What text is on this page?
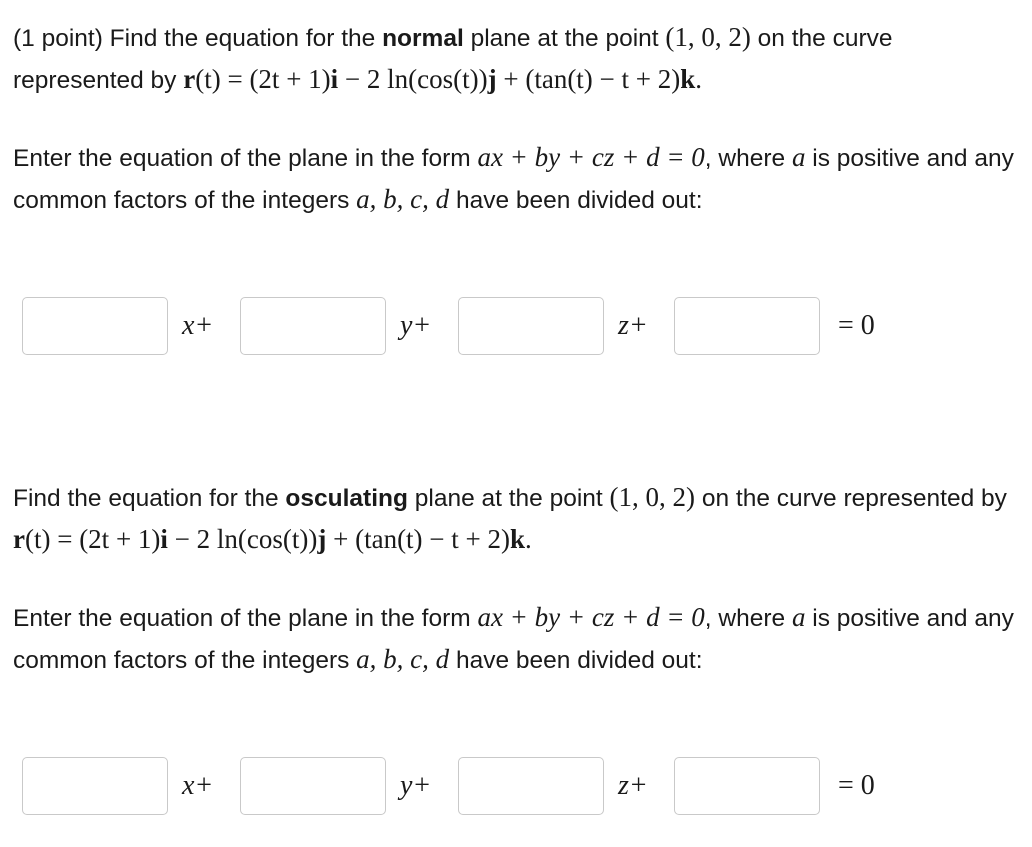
(1 point) Find the equation for the normal plane at the point (1, 0, 2) on the curve represented by r(t) = (2t + 1)i − 2 ln(cos(t))j + (tan(t) − t + 2)k.

Enter the equation of the plane in the form ax + by + cz + d = 0, where a is positive and any common factors of the integers a, b, c, d have been divided out:

x+	y+	z+	= 0

Find the equation for the osculating plane at the point (1, 0, 2) on the curve represented by r(t) = (2t + 1)i − 2 ln(cos(t))j + (tan(t) − t + 2)k.

Enter the equation of the plane in the form ax + by + cz + d = 0, where a is positive and any common factors of the integers a, b, c, d have been divided out:

x+	y+	z+	= 0
